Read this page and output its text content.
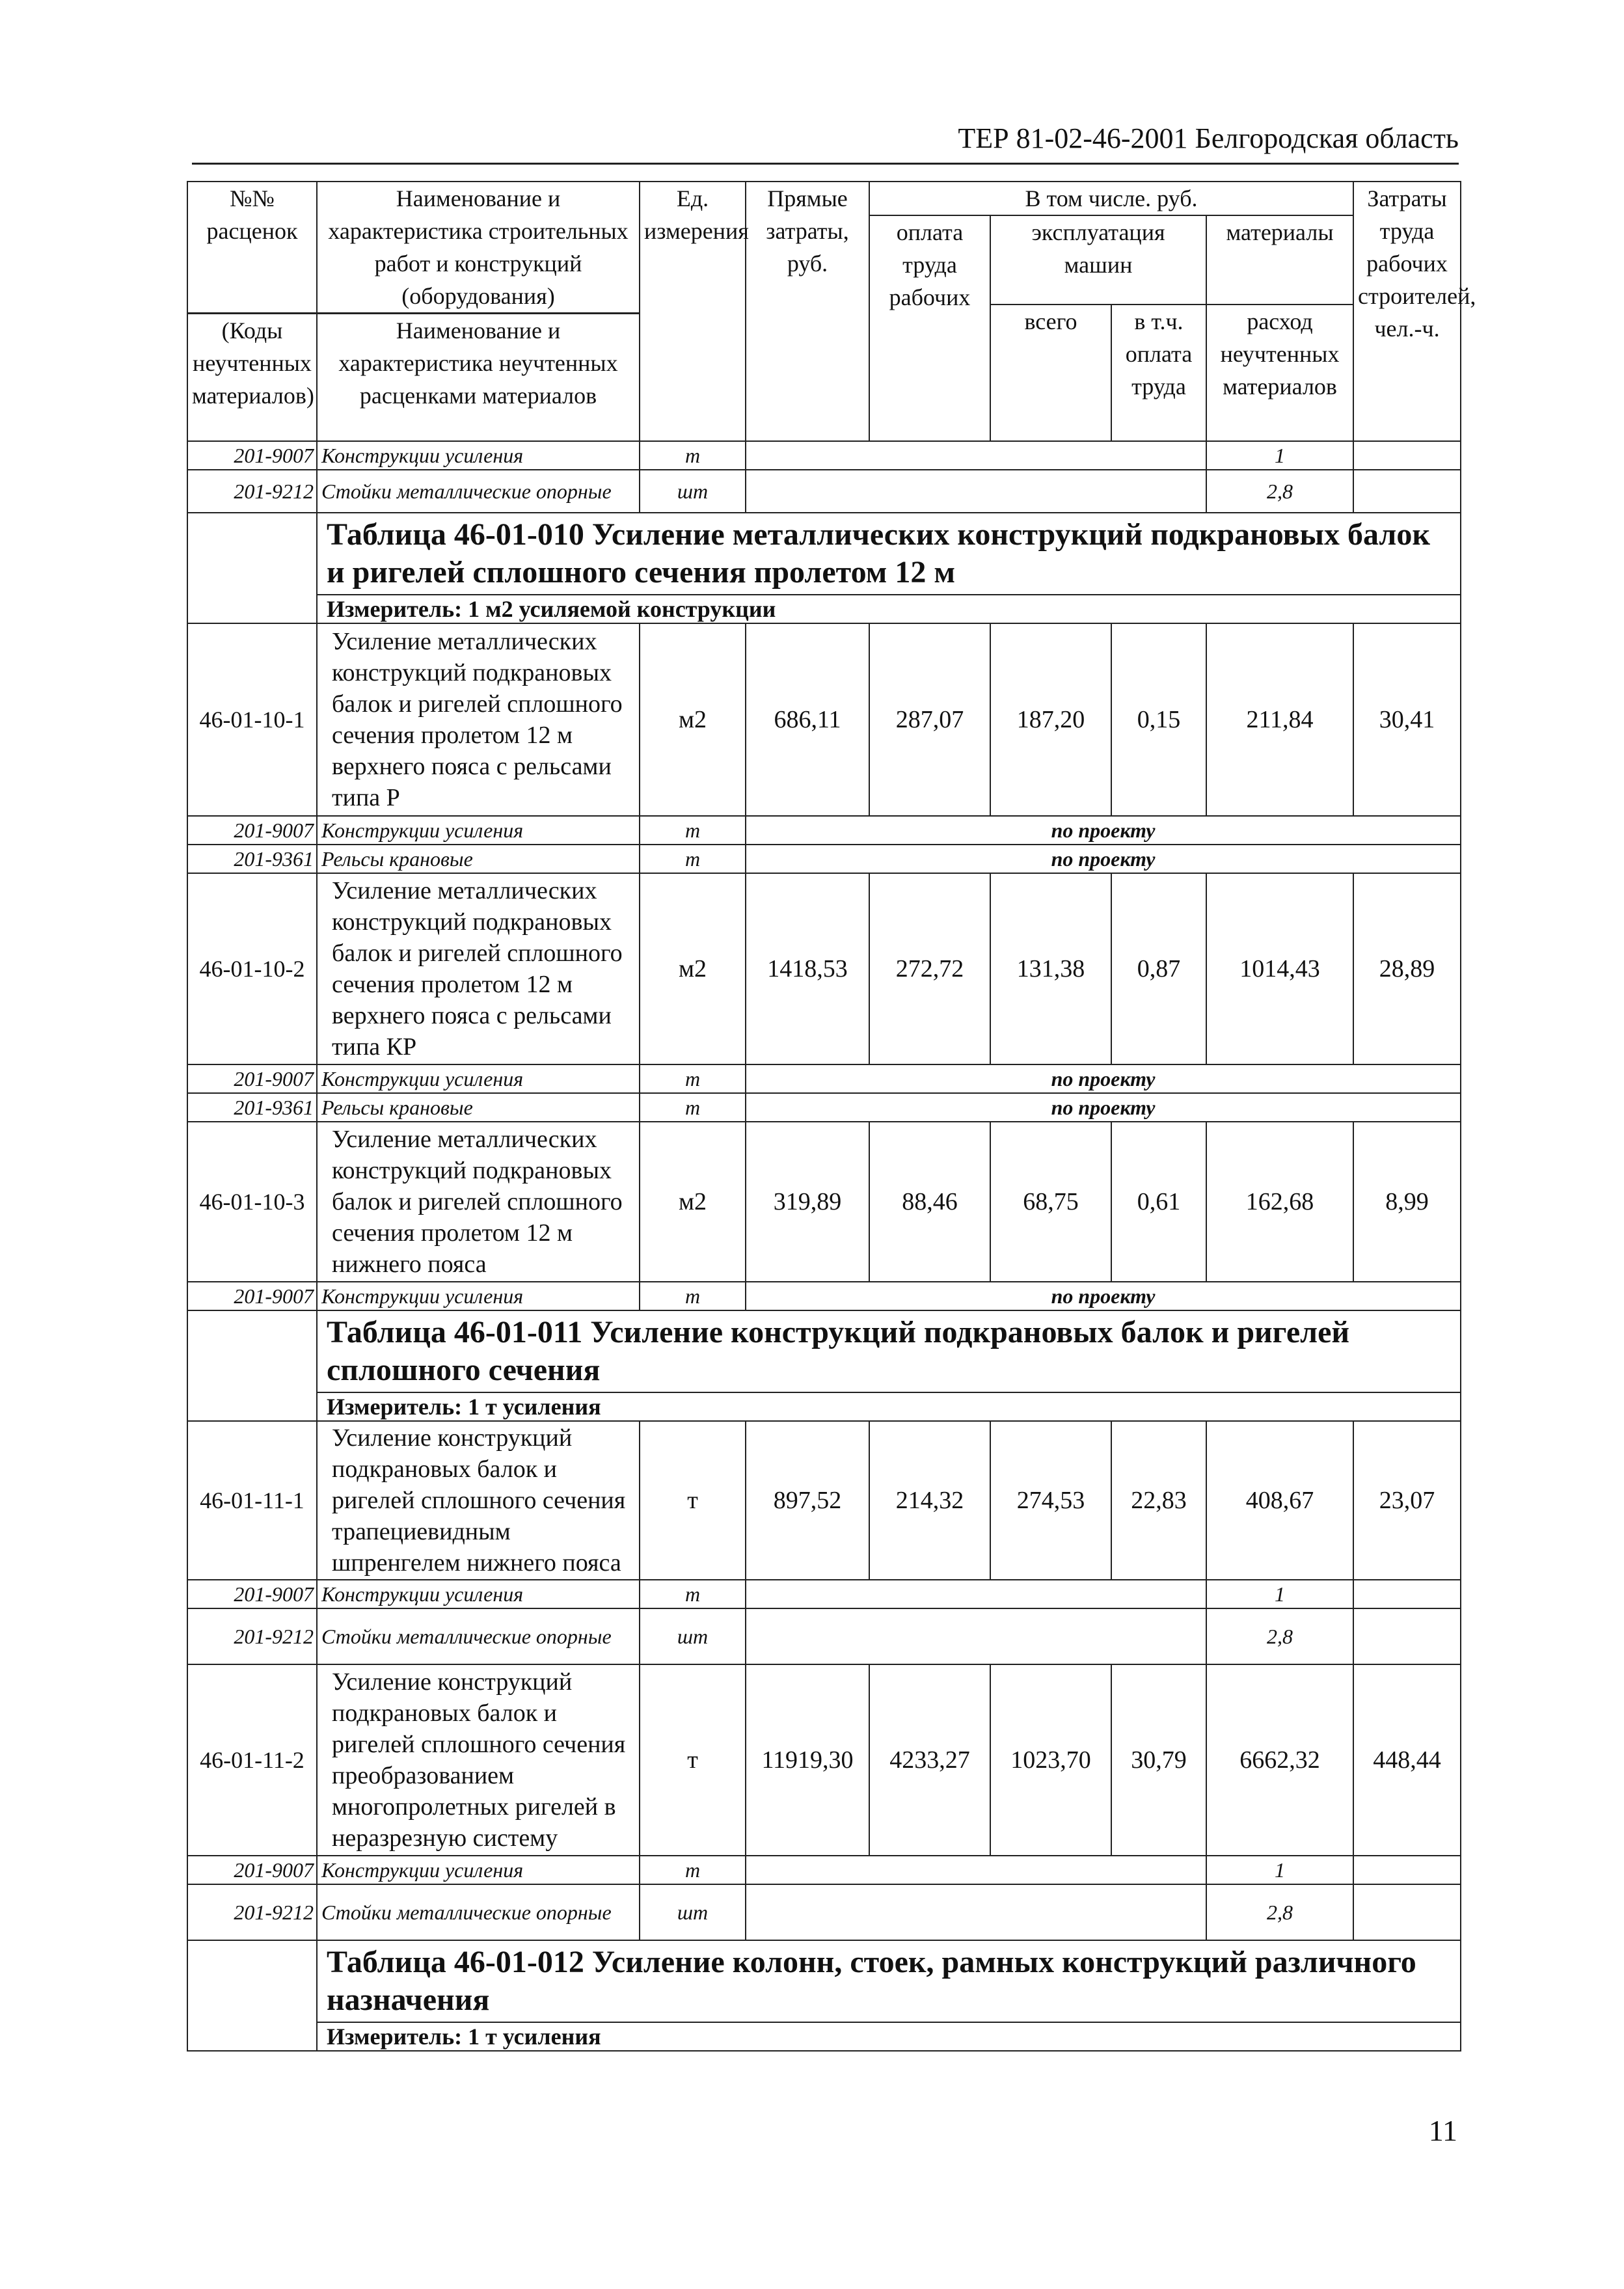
ТЕР 81-02-46-2001 Белгородская область
№№ расценок	Наименование и характеристика строительных работ и конструкций (оборудования)	Ед. измерения	Прямые затраты, руб.	В том числе. руб.				Затраты труда рабочих строителей, чел.-ч.
				оплата труда рабочих	эксплуатация машин		материалы	

					всего	в т.ч. оплата труда	расход неучтенных материалов	

(Коды неучтенных материалов)	Наименование и характеристика неучтенных расценками материалов							
201-9007	Конструкции усиления	т					1	
201-9212	Стойки металлические опорные	шт					2,8	
	Таблица 46-01-010 Усиление металлических конструкций подкрановых балок и ригелей сплошного сечения пролетом 12 м							
	Измеритель: 1 м2 усиляемой конструкции							
46-01-10-1	Усиление металлических конструкций подкрановых балок и ригелей сплошного сечения пролетом 12 м верхнего пояса с рельсами типа Р	м2	686,11	287,07	187,20	0,15	211,84	30,41
201-9007	Конструкции усиления	т	по проекту					
201-9361	Рельсы крановые	т	по проекту					
46-01-10-2	Усиление металлических конструкций подкрановых балок и ригелей сплошного сечения пролетом 12 м верхнего пояса с рельсами типа КР	м2	1418,53	272,72	131,38	0,87	1014,43	28,89
201-9007	Конструкции усиления	т	по проекту					
201-9361	Рельсы крановые	т	по проекту					
46-01-10-3	Усиление металлических конструкций подкрановых балок и ригелей сплошного сечения пролетом 12 м нижнего пояса	м2	319,89	88,46	68,75	0,61	162,68	8,99
201-9007	Конструкции усиления	т	по проекту					
	Таблица 46-01-011 Усиление конструкций подкрановых балок и ригелей сплошного сечения							
	Измеритель: 1 т усиления							
46-01-11-1	Усиление конструкций подкрановых балок и ригелей сплошного сечения трапециевидным шпренгелем нижнего пояса	т	897,52	214,32	274,53	22,83	408,67	23,07
201-9007	Конструкции усиления	т					1	
201-9212	Стойки металлические опорные	шт					2,8	
46-01-11-2	Усиление конструкций подкрановых балок и ригелей сплошного сечения преобразованием многопролетных ригелей в неразрезную систему	т	11919,30	4233,27	1023,70	30,79	6662,32	448,44
201-9007	Конструкции усиления	т					1	
201-9212	Стойки металлические опорные	шт					2,8	
	Таблица 46-01-012 Усиление колонн, стоек, рамных конструкций различного назначения							
	Измеритель: 1 т усиления							
11
